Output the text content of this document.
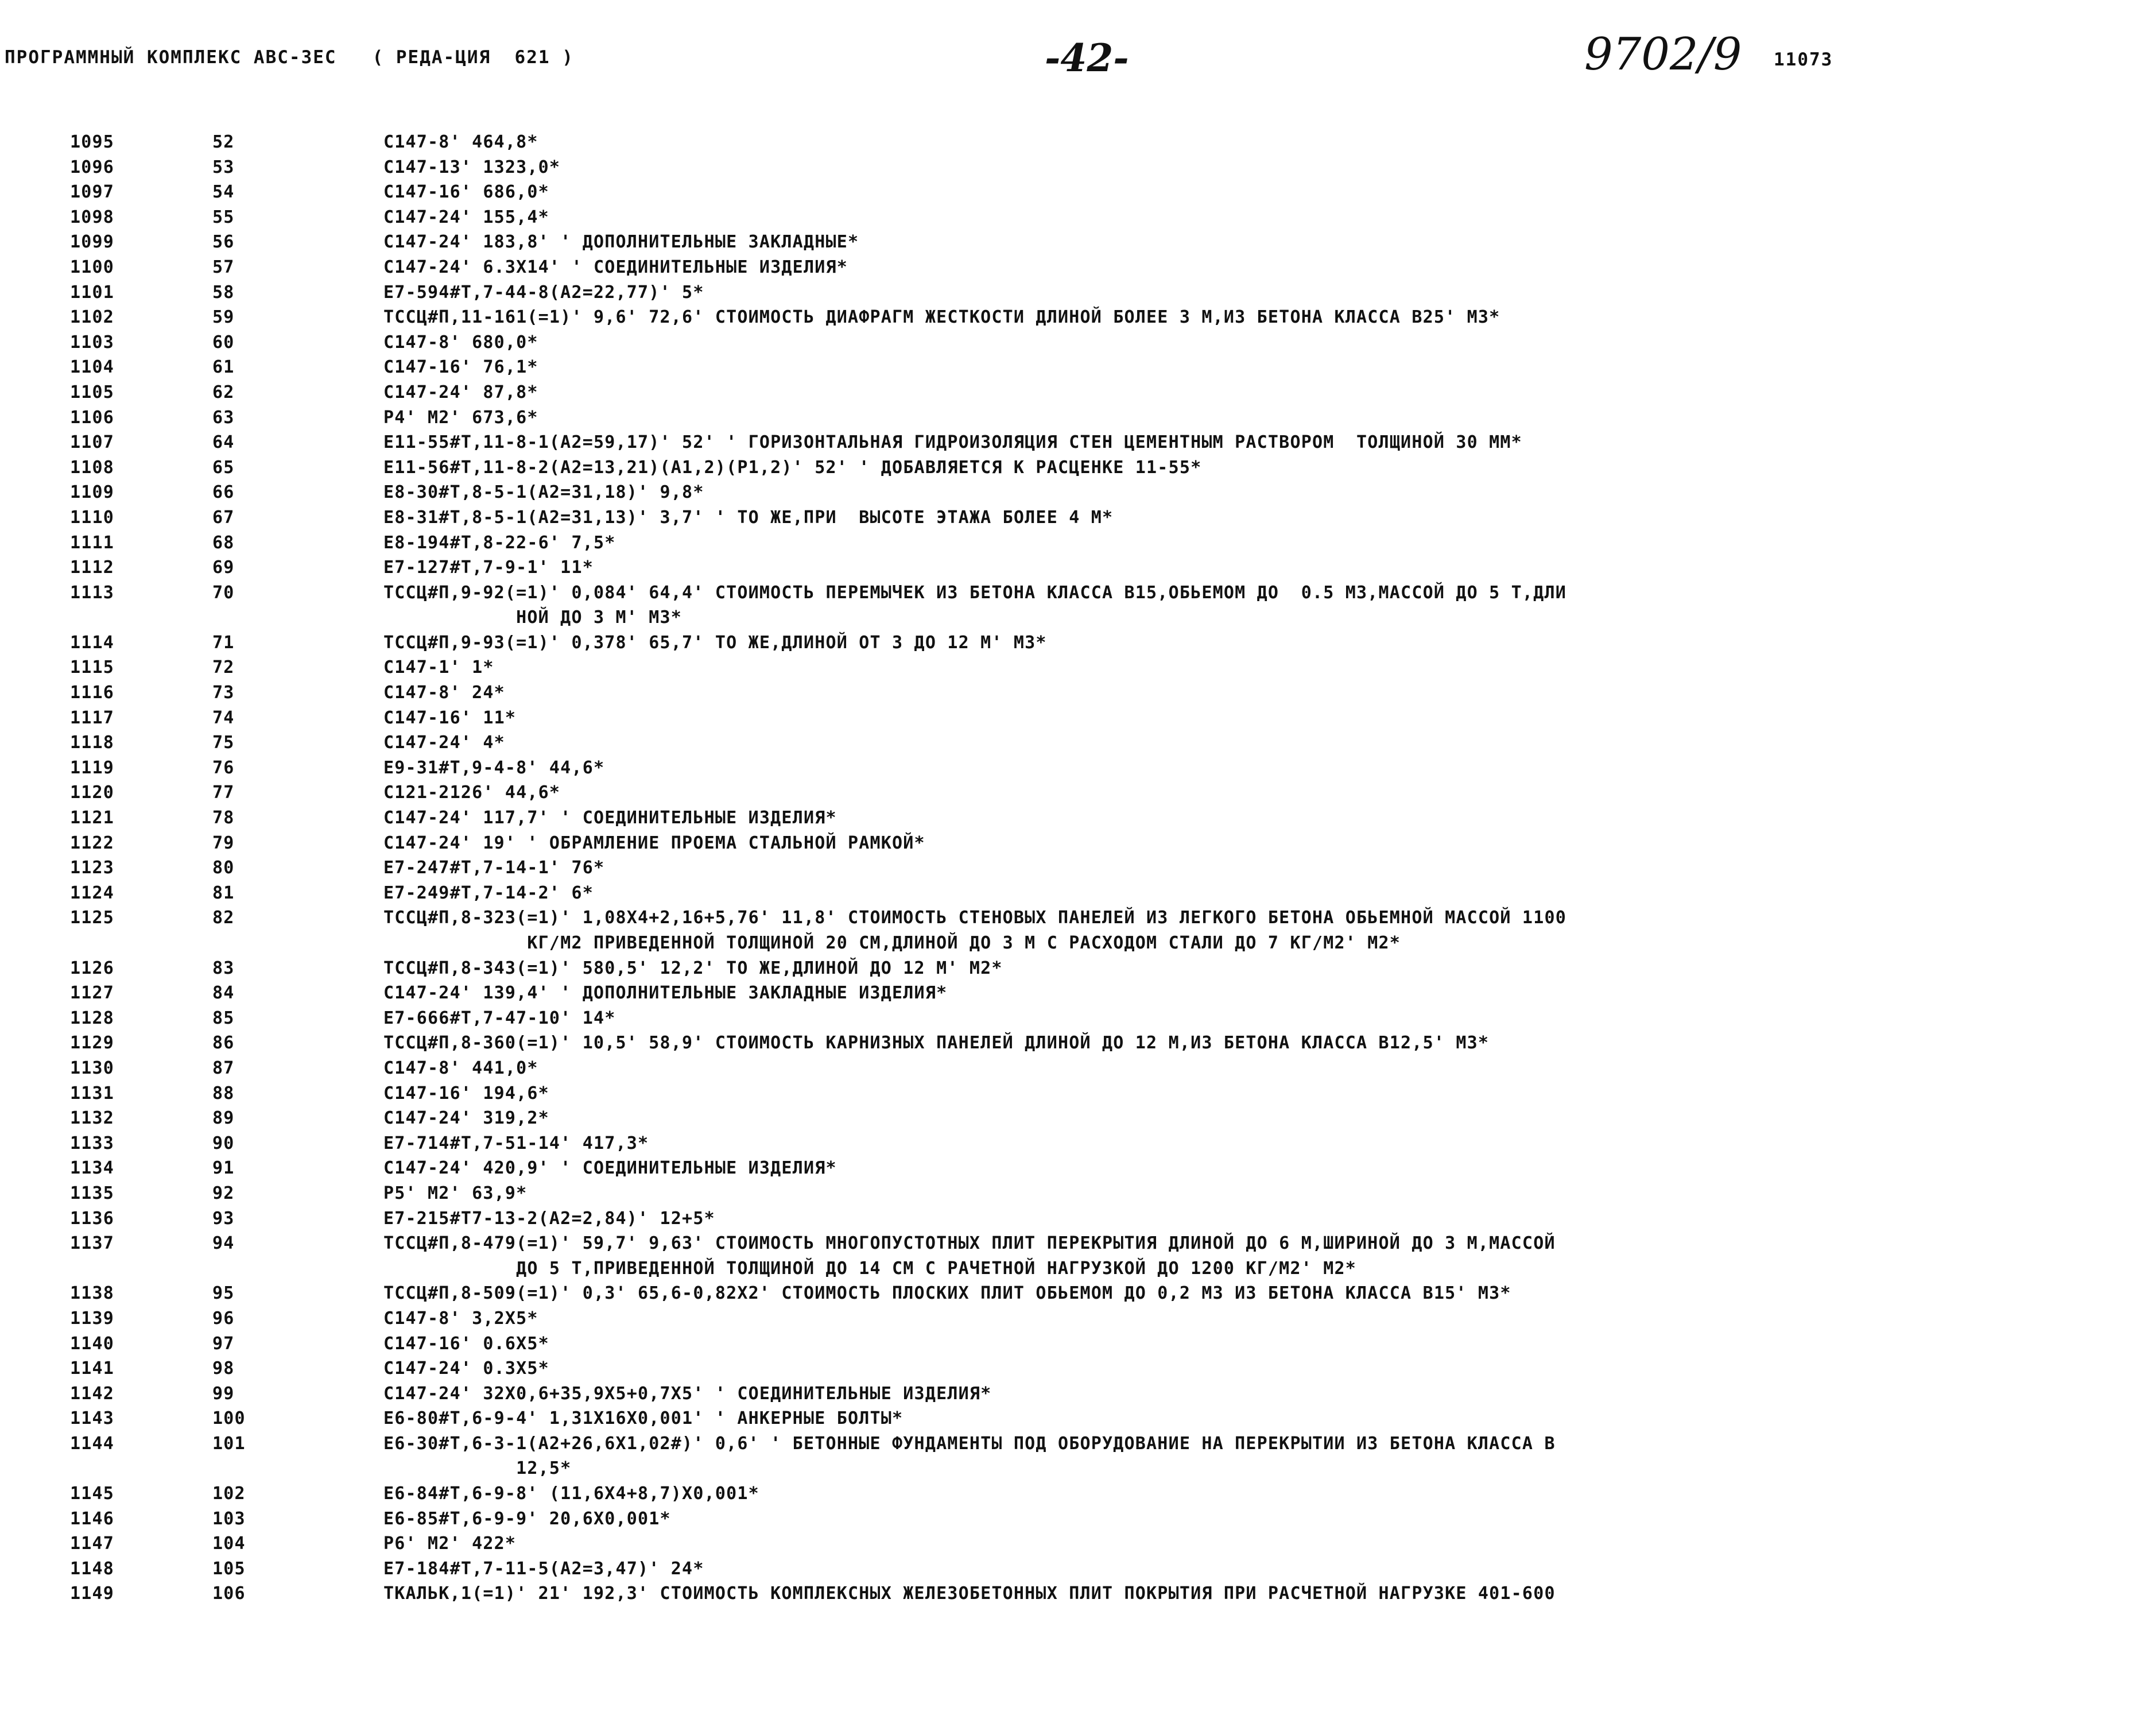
ПРОГРАММНЫЙ КОМПЛЕКС АВС-3ЕС   ( РЕДА-ЦИЯ  621 )	-42-	9702/9 11073
1095	52	С147-8' 464,8*
1096	53	С147-13' 1323,0*
1097	54	С147-16' 686,0*
1098	55	С147-24' 155,4*
1099	56	С147-24' 183,8' ' ДОПОЛНИТЕЛЬНЫЕ ЗАКЛАДНЫЕ*
1100	57	С147-24' 6.3Х14' ' СОЕДИНИТЕЛЬНЫЕ ИЗДЕЛИЯ*
1101	58	Е7-594#Т,7-44-8(А2=22,77)' 5*
1102	59	ТССЦ#П,11-161(=1)' 9,6' 72,6' СТОИМОСТЬ ДИАФРАГМ ЖЕСТКОСТИ ДЛИНОЙ БОЛЕЕ 3 М,ИЗ БЕТОНА КЛАССА В25' М3*
1103	60	С147-8' 680,0*
1104	61	С147-16' 76,1*
1105	62	С147-24' 87,8*
1106	63	Р4' М2' 673,6*
1107	64	Е11-55#Т,11-8-1(А2=59,17)' 52' ' ГОРИЗОНТАЛЬНАЯ ГИДРОИЗОЛЯЦИЯ СТЕН ЦЕМЕНТНЫМ РАСТВОРОМ  ТОЛЩИНОЙ 30 ММ*
1108	65	Е11-56#Т,11-8-2(А2=13,21)(А1,2)(Р1,2)' 52' ' ДОБАВЛЯЕТСЯ К РАСЦЕНКЕ 11-55*
1109	66	Е8-30#Т,8-5-1(А2=31,18)' 9,8*
1110	67	Е8-31#Т,8-5-1(А2=31,13)' 3,7' ' ТО ЖЕ,ПРИ  ВЫСОТЕ ЭТАЖА БОЛЕЕ 4 М*
1111	68	Е8-194#Т,8-22-6' 7,5*
1112	69	Е7-127#Т,7-9-1' 11*
1113	70	ТССЦ#П,9-92(=1)' 0,084' 64,4' СТОИМОСТЬ ПЕРЕМЫЧЕК ИЗ БЕТОНА КЛАССА В15,ОБЬЕМОМ ДО  0.5 М3,МАССОЙ ДО 5 Т,ДЛИ
НОЙ ДО 3 М' М3*
1114	71	ТССЦ#П,9-93(=1)' 0,378' 65,7' ТО ЖЕ,ДЛИНОЙ ОТ 3 ДО 12 М' М3*
1115	72	С147-1' 1*
1116	73	С147-8' 24*
1117	74	С147-16' 11*
1118	75	С147-24' 4*
1119	76	Е9-31#Т,9-4-8' 44,6*
1120	77	С121-2126' 44,6*
1121	78	С147-24' 117,7' ' СОЕДИНИТЕЛЬНЫЕ ИЗДЕЛИЯ*
1122	79	С147-24' 19' ' ОБРАМЛЕНИЕ ПРОЕМА СТАЛЬНОЙ РАМКОЙ*
1123	80	Е7-247#Т,7-14-1' 76*
1124	81	Е7-249#Т,7-14-2' 6*
1125	82	ТССЦ#П,8-323(=1)' 1,08Х4+2,16+5,76' 11,8' СТОИМОСТЬ СТЕНОВЫХ ПАНЕЛЕЙ ИЗ ЛЕГКОГО БЕТОНА ОБЬЕМНОЙ МАССОЙ 1100
КГ/М2 ПРИВЕДЕННОЙ ТОЛЩИНОЙ 20 СМ,ДЛИНОЙ ДО 3 М С РАСХОДОМ СТАЛИ ДО 7 КГ/М2' М2*
1126	83	ТССЦ#П,8-343(=1)' 580,5' 12,2' ТО ЖЕ,ДЛИНОЙ ДО 12 М' М2*
1127	84	С147-24' 139,4' ' ДОПОЛНИТЕЛЬНЫЕ ЗАКЛАДНЫЕ ИЗДЕЛИЯ*
1128	85	Е7-666#Т,7-47-10' 14*
1129	86	ТССЦ#П,8-360(=1)' 10,5' 58,9' СТОИМОСТЬ КАРНИЗНЫХ ПАНЕЛЕЙ ДЛИНОЙ ДО 12 М,ИЗ БЕТОНА КЛАССА В12,5' М3*
1130	87	С147-8' 441,0*
1131	88	С147-16' 194,6*
1132	89	С147-24' 319,2*
1133	90	Е7-714#Т,7-51-14' 417,3*
1134	91	С147-24' 420,9' ' СОЕДИНИТЕЛЬНЫЕ ИЗДЕЛИЯ*
1135	92	Р5' М2' 63,9*
1136	93	Е7-215#Т7-13-2(А2=2,84)' 12+5*
1137	94	ТССЦ#П,8-479(=1)' 59,7' 9,63' СТОИМОСТЬ МНОГОПУСТОТНЫХ ПЛИТ ПЕРЕКРЫТИЯ ДЛИНОЙ ДО 6 М,ШИРИНОЙ ДО 3 М,МАССОЙ
ДО 5 Т,ПРИВЕДЕННОЙ ТОЛЩИНОЙ ДО 14 СМ С РАЧЕТНОЙ НАГРУЗКОЙ ДО 1200 КГ/М2' М2*
1138	95	ТССЦ#П,8-509(=1)' 0,3' 65,6-0,82Х2' СТОИМОСТЬ ПЛОСКИХ ПЛИТ ОБЬЕМОМ ДО 0,2 М3 ИЗ БЕТОНА КЛАССА В15' М3*
1139	96	С147-8' 3,2Х5*
1140	97	С147-16' 0.6Х5*
1141	98	С147-24' 0.3Х5*
1142	99	С147-24' 32Х0,6+35,9Х5+0,7Х5' ' СОЕДИНИТЕЛЬНЫЕ ИЗДЕЛИЯ*
1143	100	Е6-80#Т,6-9-4' 1,31Х16Х0,001' ' АНКЕРНЫЕ БОЛТЫ*
1144	101	Е6-30#Т,6-3-1(А2+26,6Х1,02#)' 0,6' ' БЕТОННЫЕ ФУНДАМЕНТЫ ПОД ОБОРУДОВАНИЕ НА ПЕРЕКРЫТИИ ИЗ БЕТОНА КЛАССА В
12,5*
1145	102	Е6-84#Т,6-9-8' (11,6Х4+8,7)Х0,001*
1146	103	Е6-85#Т,6-9-9' 20,6Х0,001*
1147	104	Р6' М2' 422*
1148	105	Е7-184#Т,7-11-5(А2=3,47)' 24*
1149	106	ТКАЛЬК,1(=1)' 21' 192,3' СТОИМОСТЬ КОМПЛЕКСНЫХ ЖЕЛЕЗОБЕТОННЫХ ПЛИТ ПОКРЫТИЯ ПРИ РАСЧЕТНОЙ НАГРУЗКЕ 401-600
